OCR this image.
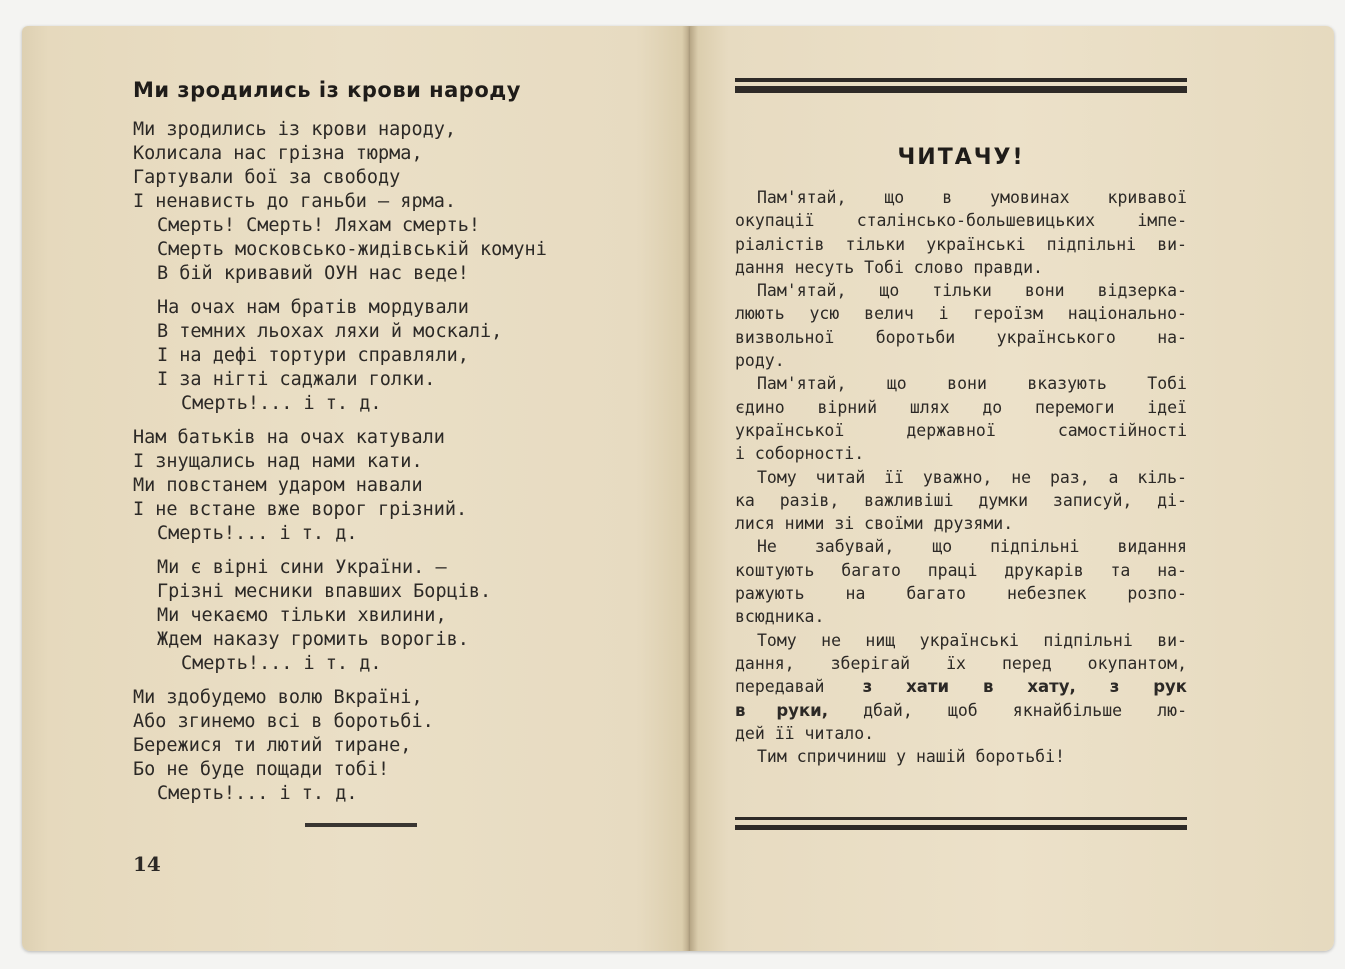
Ми зродились із крови народу
Ми зродились із крови народу,
Колисала нас грізна тюрма,
Гартували бої за свободу
І ненависть до ганьби — ярма.
Смерть! Смерть! Ляхам смерть!
Смерть московсько-жидівській комуні
В бій кривавий ОУН нас веде!
На очах нам братів мордували
В темних льохах ляхи й москалі,
І на дефі тортури справляли,
І за нігті саджали голки.
Смерть!... і т. д.
Нам батьків на очах катували
І знущались над нами кати.
Ми повстанем ударом навали
І не встане вже ворог грізний.
Смерть!... і т. д.
Ми є вірні сини України. —
Грізні месники впавших Борців.
Ми чекаємо тільки хвилини,
Ждем наказу громить ворогів.
Смерть!... і т. д.
Ми здобудемо волю Вкраїні,
Або згинемо всі в боротьбі.
Бережися ти лютий тиране,
Бо не буде пощади тобі!
Смерть!... і т. д.
14
ЧИТАЧУ!
Пам'ятай, що в умовинах кривавої
окупації сталінсько-большевицьких імпе-
ріалістів тільки українські підпільні ви-
дання несуть Тобі слово правди.
Пам'ятай, що тільки вони відзерка-
люють усю велич і героїзм національно-
визвольної боротьби українського на-
роду.
Пам'ятай, що вони вказують Тобі
єдино вірний шлях до перемоги ідеї
української державної самостійності
і соборності.
Тому читай її уважно, не раз, а кіль-
ка разів, важливіші думки записуй, ді-
лися ними зі своїми друзями.
Не забувай, що підпільні видання
коштують багато праці друкарів та на-
ражують на багато небезпек розпо-
всюдника.
Тому не нищ українські підпільні ви-
дання, зберігай їх перед окупантом,
передавай з хати в хату, з рук
в руки, дбай, щоб якнайбільше лю-
дей її читало.
Тим спричиниш у нашій боротьбі!
